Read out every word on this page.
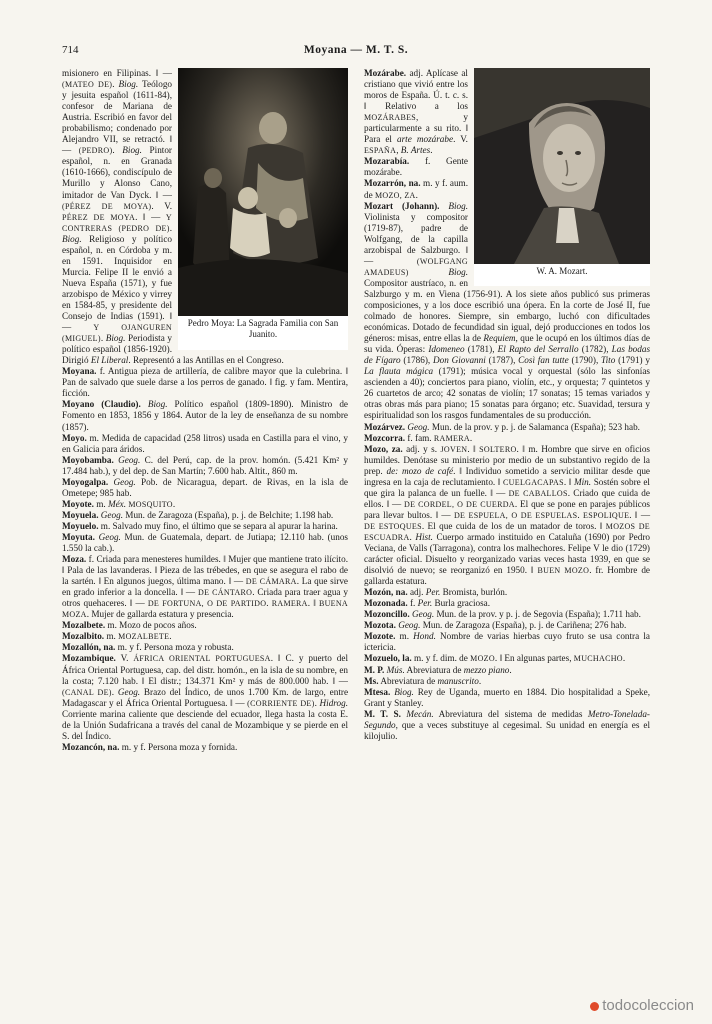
714	Moyana — M. T. S.
Pedro Moya: La Sagrada Familia con San Juanito.

misionero en Filipinas. ‖ — (MATEO DE). Biog. Teólogo y jesuita español (1611-84), confesor de Mariana de Austria. Escribió en favor del probabilismo; condenado por Alejandro VII, se retractó. ‖ — (PEDRO). Biog. Pintor español, n. en Granada (1610-1666), condiscípulo de Murillo y Alonso Cano, imitador de Van Dyck. ‖ — (PÉREZ DE MOYA). V. PÉREZ DE MOYA. ‖ — Y CONTRERAS (PEDRO DE). Biog. Religioso y político español, n. en Córdoba y m. en 1591. Inquisidor en Murcia. Felipe II le envió a Nueva España (1571), y fue arzobispo de México y virrey en 1584-85, y presidente del Consejo de Indias (1591). ‖ — Y OJANGUREN (MIGUEL). Biog. Periodista y político español (1856-1920). Dirigió El Liberal. Representó a las Antillas en el Congreso.
Moyana. f. Antigua pieza de artillería, de calibre mayor que la culebrina. ‖ Pan de salvado que suele darse a los perros de ganado. ‖ fig. y fam. Mentira, ficción.
Moyano (Claudio). Biog. Político español (1809-1890). Ministro de Fomento en 1853, 1856 y 1864. Autor de la ley de enseñanza de su nombre (1857).
Moyo. m. Medida de capacidad (258 litros) usada en Castilla para el vino, y en Galicia para áridos.
Moyobamba. Geog. C. del Perú, cap. de la prov. homón. (5.421 Km² y 17.484 hab.), y del dep. de San Martín; 7.600 hab. Altit., 860 m.
Moyogalpa. Geog. Pob. de Nicaragua, depart. de Rivas, en la isla de Ometepe; 985 hab.
Moyote. m. Méx. MOSQUITO.
Moyuela. Geog. Mun. de Zaragoza (España), p. j. de Belchite; 1.198 hab.
Moyuelo. m. Salvado muy fino, el último que se separa al apurar la harina.
Moyuta. Geog. Mun. de Guatemala, depart. de Jutiapa; 12.110 hab. (unos 1.550 la cab.).
Moza. f. Criada para menesteres humildes. ‖ Mujer que mantiene trato ilícito. ‖ Pala de las lavanderas. ‖ Pieza de las trébedes, en que se asegura el rabo de la sartén. ‖ En algunos juegos, última mano. ‖ — DE CÁMARA. La que sirve en grado inferior a la doncella. ‖ — DE CÁNTARO. Criada para traer agua y otros quehaceres. ‖ — DE FORTUNA, O DE PARTIDO. RAMERA. ‖ BUENA MOZA. Mujer de gallarda estatura y presencia.
Mozalbete. m. Mozo de pocos años.
Mozalbito. m. MOZALBETE.
Mozallón, na. m. y f. Persona moza y robusta.
Mozambique. V. ÁFRICA ORIENTAL PORTUGUESA. ‖ C. y puerto del África Oriental Portuguesa, cap. del distr. homón., en la isla de su nombre, en la costa; 7.120 hab. ‖ El distr.; 134.371 Km² y más de 800.000 hab. ‖ — (CANAL DE). Geog. Brazo del Índico, de unos 1.700 Km. de largo, entre Madagascar y el África Oriental Portuguesa. ‖ — (CORRIENTE DE). Hidrog. Corriente marina caliente que desciende del ecuador, llega hasta la costa E. de la Unión Sudafricana a través del canal de Mozambique y se pierde en el S. del Índico.
Mozancón, na. m. y f. Persona moza y fornida.

W. A. Mozart.

Mozárabe. adj. Aplícase al cristiano que vivió entre los moros de España. Ú. t. c. s. ‖ Relativo a los MOZÁRABES, y particularmente a su rito. ‖ Para el arte mozárabe. V. ESPAÑA, B. Artes.
Mozarabía. f. Gente mozárabe.
Mozarrón, na. m. y f. aum. de MOZO, ZA.
Mozart (Johann). Biog. Violinista y compositor (1719-87), padre de Wolfgang, de la capilla arzobispal de Salzburgo. ‖ — (WOLFGANG AMADEUS)	Biog. Compositor austríaco, n. en Salzburgo y m. en Viena (1756-91). A los siete años publicó sus primeras composiciones, y a los doce escribió una ópera. En la corte de José II, fue colmado de honores. Siempre, sin embargo, luchó con dificultades económicas. Dotado de fecundidad sin igual, dejó producciones en todos los géneros: misas, entre ellas la de Requiem, que le ocupó en los últimos días de su vida. Óperas: Idomeneo (1781), El Rapto del Serrallo (1782), Las bodas de Fígaro (1786), Don Giovanni (1787), Così fan tutte (1790), Tito (1791) y La flauta mágica (1791); música vocal y orquestal (sólo las sinfonías ascienden a 40); conciertos para piano, violín, etc., y orquesta; 7 quintetos y 26 cuartetos de arco; 42 sonatas de violín; 17 sonatas; 15 temas variados y otras obras más para piano; 15 sonatas para órgano; etc. Suavidad, tersura y espiritualidad son los rasgos fundamentales de su producción.
Mozárvez. Geog. Mun. de la prov. y p. j. de Salamanca (España); 523 hab.
Mozcorra. f. fam. RAMERA.
Mozo, za. adj. y s. JOVEN. ‖ SOLTERO. ‖ m. Hombre que sirve en oficios humildes. Denótase su ministerio por medio de un substantivo regido de la prep. de: mozo de café. ‖ Individuo sometido a servicio militar desde que ingresa en la caja de reclutamiento. ‖ CUELGACAPAS. ‖ Min. Sostén sobre el que gira la palanca de un fuelle. ‖ — DE CABALLOS. Criado que cuida de ellos. ‖ — DE CORDEL, O DE CUERDA. El que se pone en parajes públicos para llevar bultos. ‖ — DE ESPUELA, O DE ESPUELAS. ESPOLIQUE. ‖ — DE ESTOQUES. El que cuida de los de un matador de toros. ‖ MOZOS DE ESCUADRA. Hist. Cuerpo armado instituido en Cataluña (1690) por Pedro Veciana, de Valls (Tarragona), contra los malhechores. Felipe V le dio (1729) carácter oficial. Disuelto y reorganizado varias veces hasta 1939, en que se disolvió de nuevo; se reorganizó en 1950. ‖ BUEN MOZO. fr. Hombre de gallarda estatura.
Mozón, na. adj. Per. Bromista, burlón.
Mozonada. f. Per. Burla graciosa.
Mozoncillo. Geog. Mun. de la prov. y p. j. de Segovia (España); 1.711 hab.
Mozota. Geog. Mun. de Zaragoza (España), p. j. de Cariñena; 276 hab.
Mozote. m. Hond. Nombre de varias hierbas cuyo fruto se usa contra la ictericia.
Mozuelo, la. m. y f. dim. de MOZO. ‖ En algunas partes, MUCHACHO.
M. P. Mús. Abreviatura de mezzo piano.
Ms. Abreviatura de manuscrito.
Mtesa. Biog. Rey de Uganda, muerto en 1884. Dio hospitalidad a Speke, Grant y Stanley.
M. T. S. Mecán. Abreviatura del sistema de medidas Metro-Tonelada-Segundo, que a veces substituye al cegesimal. Su unidad en energía es el kilojulio.

todocoleccion
